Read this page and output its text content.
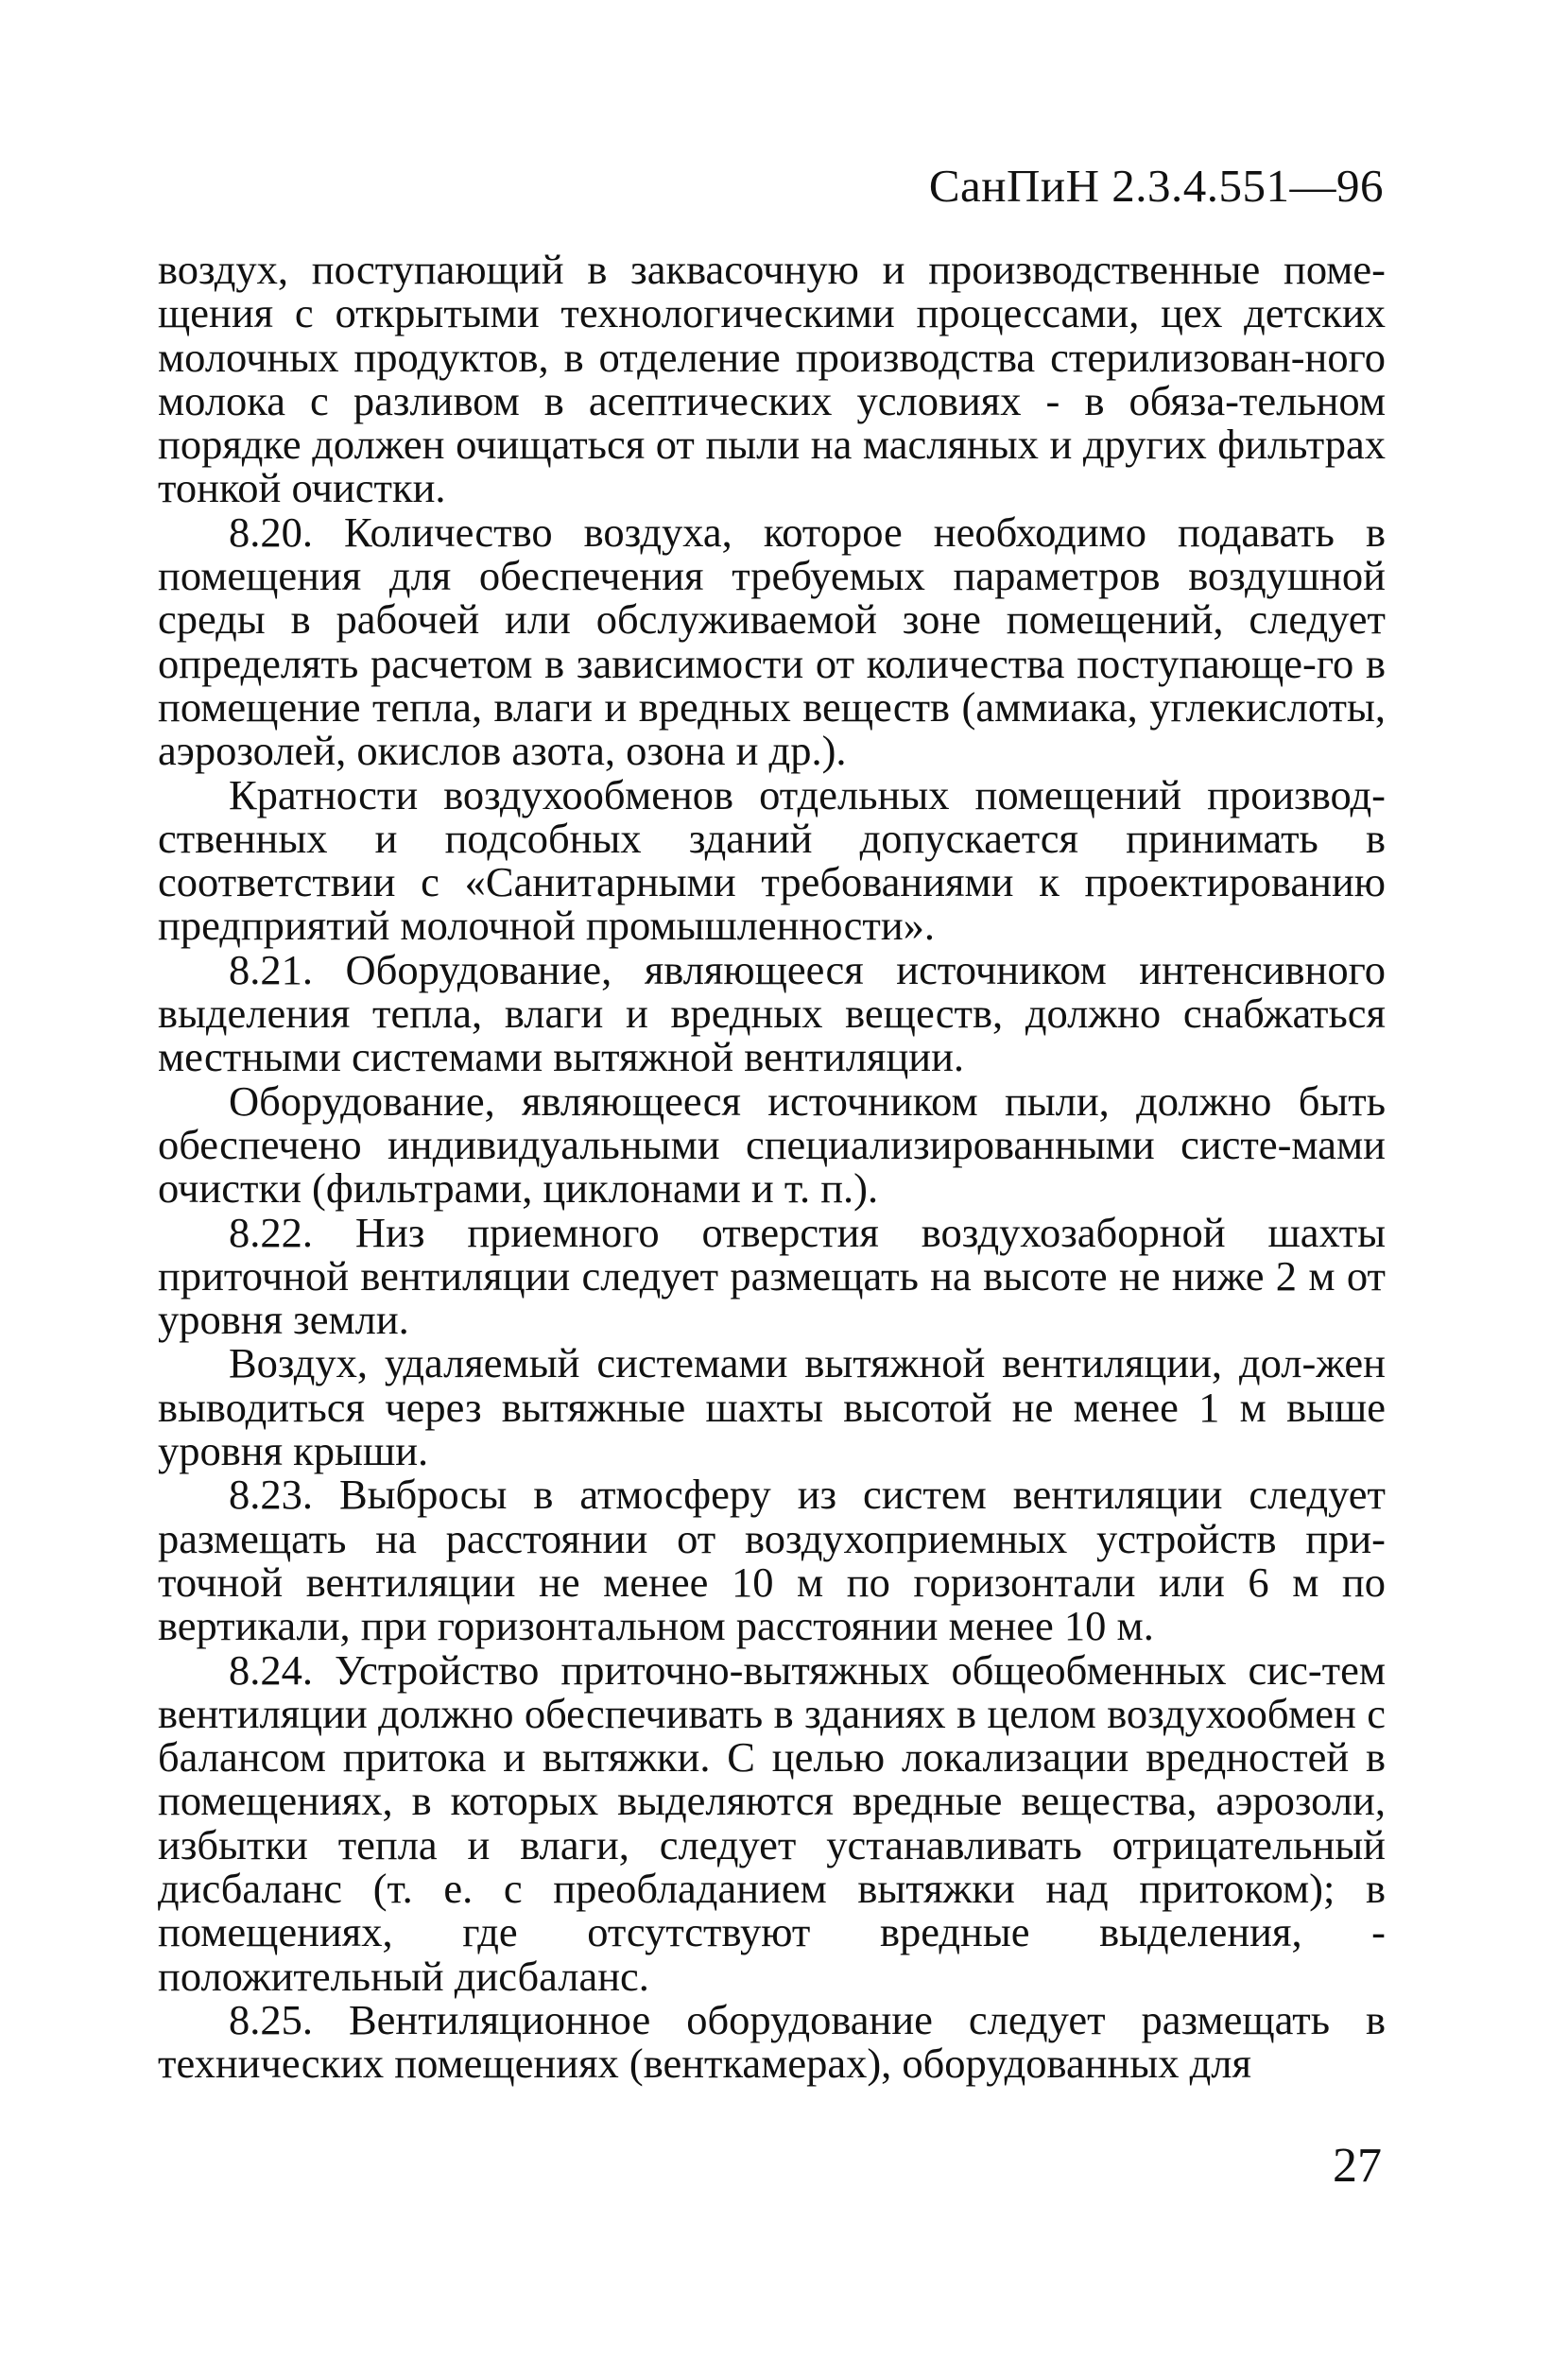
СанПиН 2.3.4.551—96

воздух, поступающий в заквасочную и производственные поме-щения с открытыми технологическими процессами, цех детских молочных продуктов, в отделение производства стерилизован-ного молока с разливом в асептических условиях - в обяза-тельном порядке должен очищаться от пыли на масляных и других фильтрах тонкой очистки.

8.20. Количество воздуха, которое необходимо подавать в помещения для обеспечения требуемых параметров воздушной среды в рабочей или обслуживаемой зоне помещений, следует определять расчетом в зависимости от количества поступающе-го в помещение тепла, влаги и вредных веществ (аммиака, углекислоты, аэрозолей, окислов азота, озона и др.).

Кратности воздухообменов отдельных помещений производ-ственных и подсобных зданий допускается принимать в соответствии с «Санитарными требованиями к проектированию предприятий молочной промышленности».

8.21. Оборудование, являющееся источником интенсивного выделения тепла, влаги и вредных веществ, должно снабжаться местными системами вытяжной вентиляции.

Оборудование, являющееся источником пыли, должно быть обеспечено индивидуальными специализированными систе-мами очистки (фильтрами, циклонами и т. п.).

8.22. Низ приемного отверстия воздухозаборной шахты приточной вентиляции следует размещать на высоте не ниже 2 м от уровня земли.

Воздух, удаляемый системами вытяжной вентиляции, дол-жен выводиться через вытяжные шахты высотой не менее 1 м выше уровня крыши.

8.23. Выбросы в атмосферу из систем вентиляции следует размещать на расстоянии от воздухоприемных устройств при-точной вентиляции не менее 10 м по горизонтали или 6 м по вертикали, при горизонтальном расстоянии менее 10 м.

8.24. Устройство приточно-вытяжных общеобменных сис-тем вентиляции должно обеспечивать в зданиях в целом воздухообмен с балансом притока и вытяжки. С целью локализации вредностей в помещениях, в которых выделяются вредные вещества, аэрозоли, избытки тепла и влаги, следует устанавливать отрицательный дисбаланс (т. е. с преобладанием вытяжки над притоком); в помещениях, где отсутствуют вредные выделения, - положительный дисбаланс.

8.25. Вентиляционное оборудование следует размещать в технических помещениях (венткамерах), оборудованных для

27
